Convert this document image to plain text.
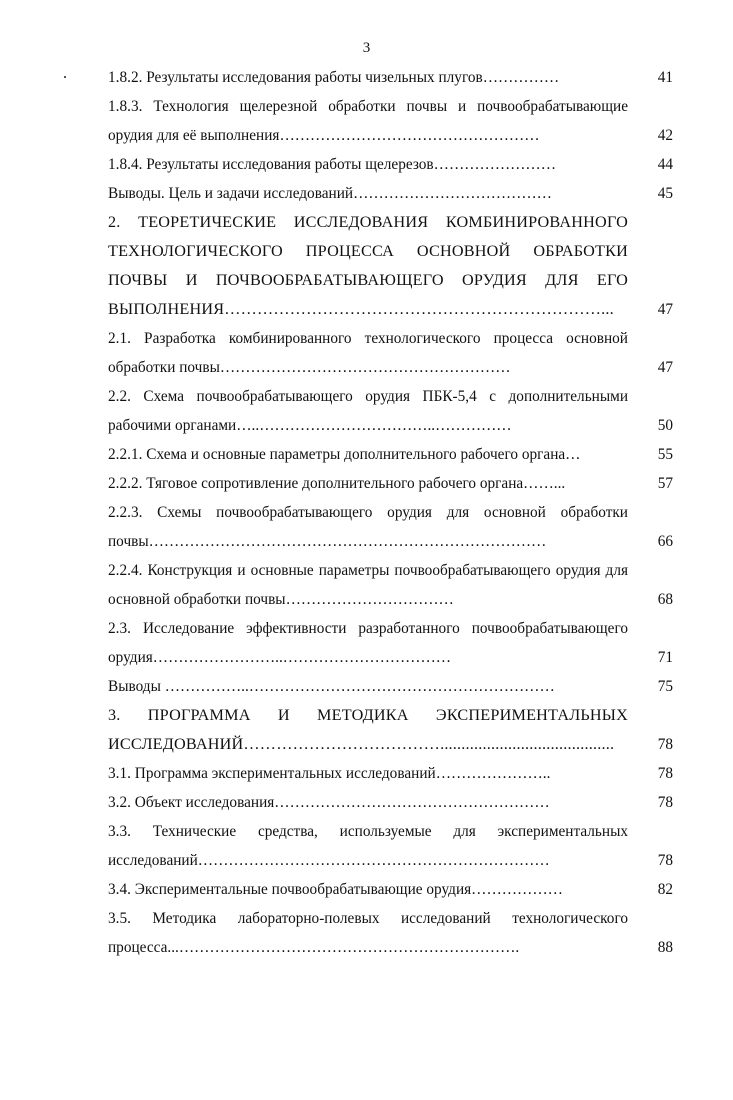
3
1.8.2. Результаты исследования работы чизельных плугов……………	41
1.8.3. Технология щелерезной обработки почвы и почвообрабатывающие орудия для её выполнения……………………………………………	42
1.8.4. Результаты исследования работы щелерезов……………………	44
Выводы. Цель и задачи исследований…………………………………	45
2. ТЕОРЕТИЧЕСКИЕ ИССЛЕДОВАНИЯ КОМБИНИРОВАННОГО ТЕХНОЛОГИЧЕСКОГО ПРОЦЕССА ОСНОВНОЙ ОБРАБОТКИ ПОЧВЫ И ПОЧВООБРАБАТЫВАЮЩЕГО ОРУДИЯ ДЛЯ ЕГО ВЫПОЛНЕНИЯ……………………………………………………………...	47
2.1. Разработка комбинированного технологического процесса основной обработки почвы…………………………………………………	47
2.2. Схема почвообрабатывающего орудия ПБК-5,4 с дополнительными рабочими органами…..……………………………..……………	50
2.2.1. Схема и основные параметры дополнительного рабочего органа…	55
2.2.2. Тяговое сопротивление дополнительного рабочего органа……...	57
2.2.3. Схемы почвообрабатывающего орудия для основной обработки почвы……………………………………………………………………	66
2.2.4. Конструкция и основные параметры почвообрабатывающего орудия для основной обработки почвы……………………………	68
2.3. Исследование эффективности разработанного почвообрабатывающего орудия……………………..……………………………	71
Выводы ……………..……………………………………………………	75
3. ПРОГРАММА И МЕТОДИКА ЭКСПЕРИМЕНТАЛЬНЫХ ИССЛЕДОВАНИЙ……………………………….........................................	78
3.1. Программа экспериментальных исследований…………………..	78
3.2. Объект исследования………………………………………………	78
3.3. Технические средства, используемые для экспериментальных исследований……………………………………………………………	78
3.4. Экспериментальные почвообрабатывающие орудия………………	82
3.5. Методика лабораторно-полевых исследований технологического процесса...………………………………………………………….	88
